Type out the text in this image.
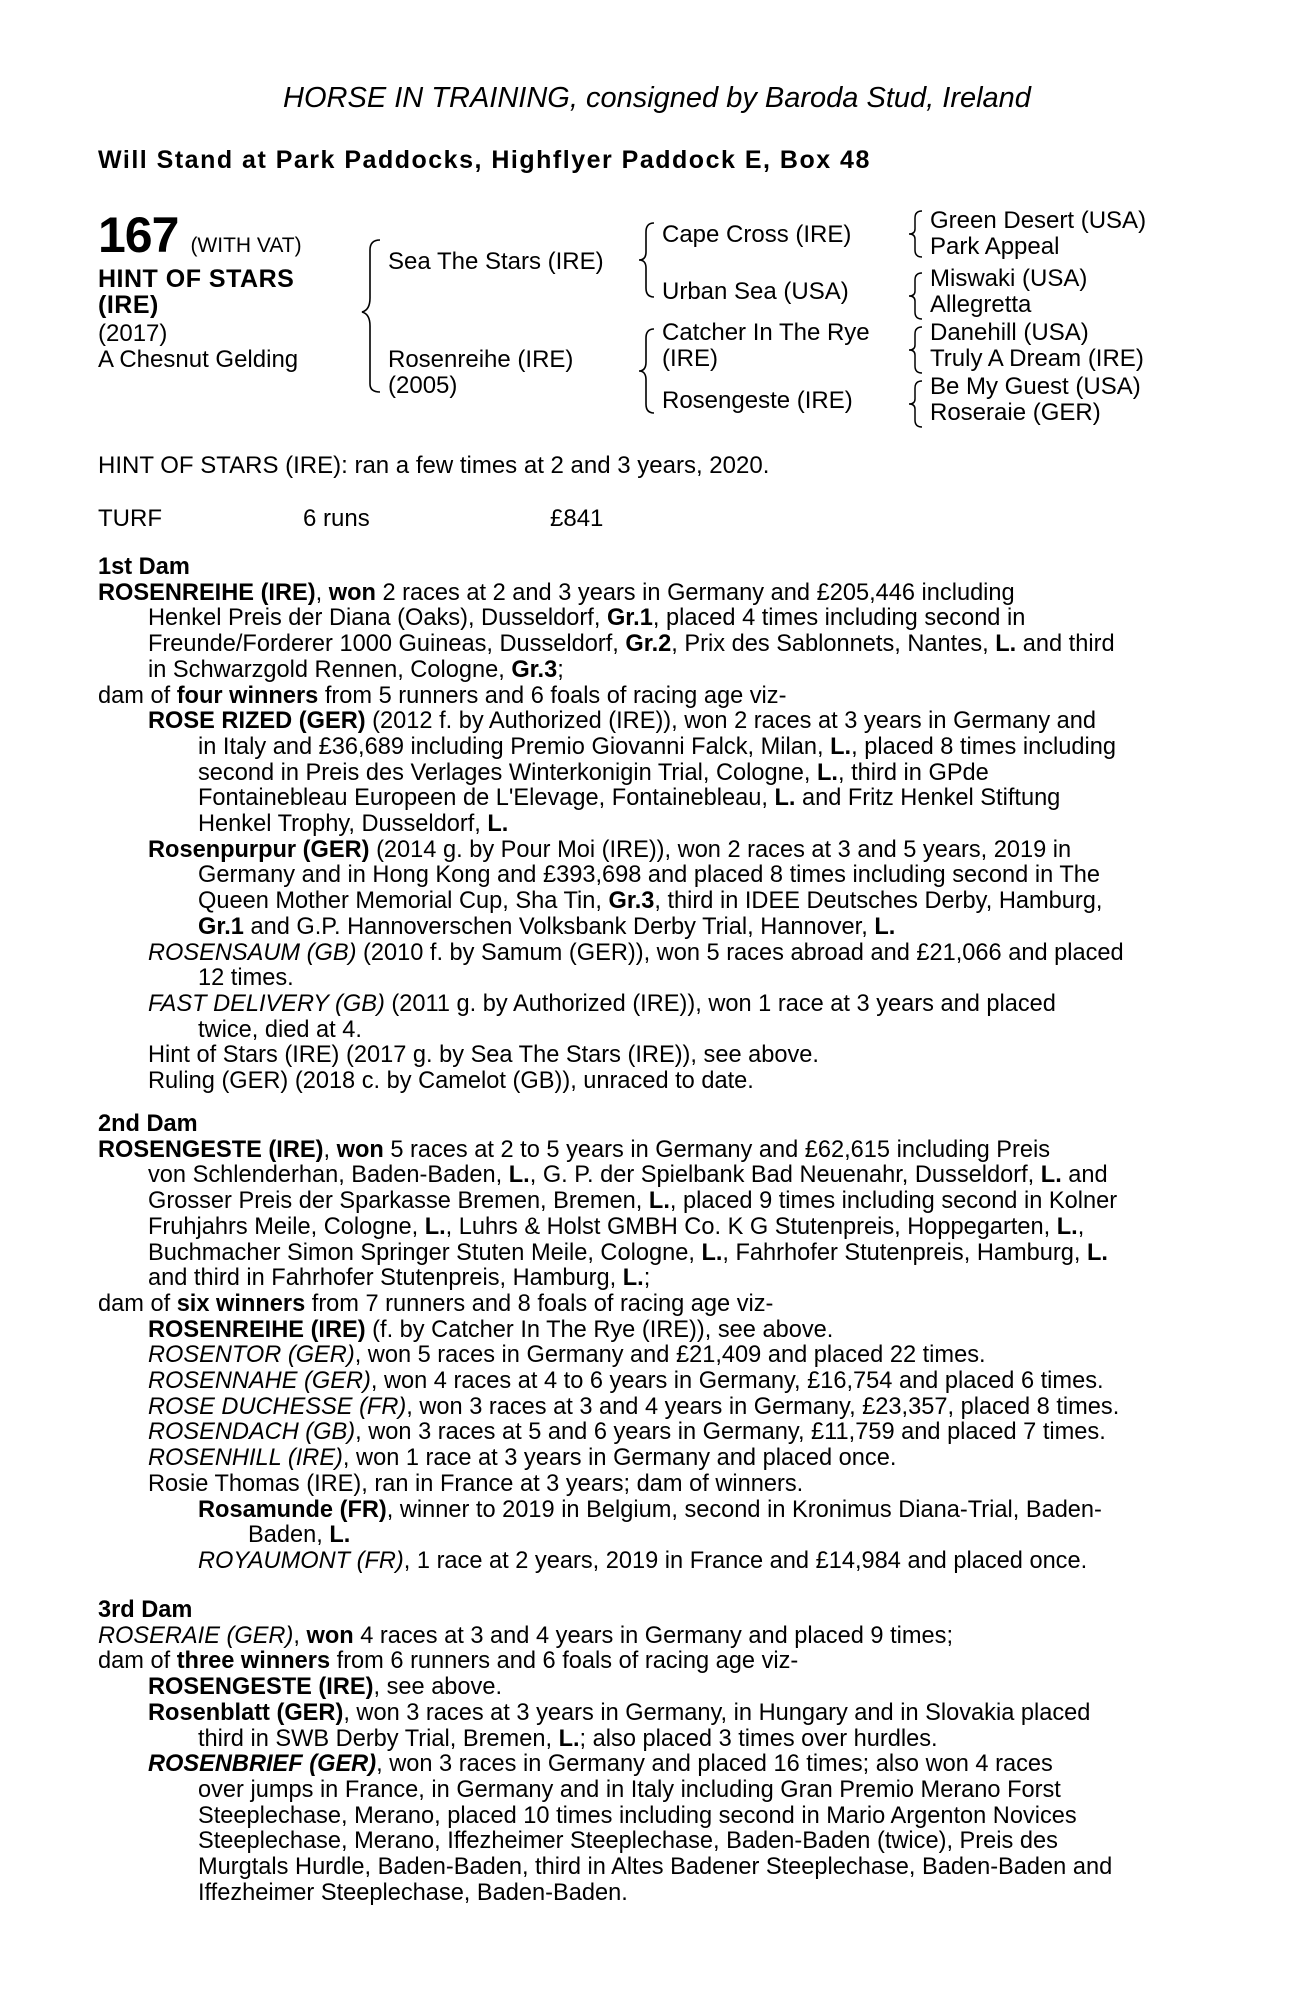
HORSE IN TRAINING, consigned by Baroda Stud, Ireland
Will Stand at Park Paddocks, Highflyer Paddock E, Box 48
167 (WITH VAT)
HINT OF STARS
(IRE)
(2017)
A Chesnut Gelding
Sea The Stars (IRE)
Rosenreihe (IRE)
(2005)
Cape Cross (IRE)
Urban Sea (USA)
Catcher In The Rye
(IRE)
Rosengeste (IRE)
Green Desert (USA)
Park Appeal
Miswaki (USA)
Allegretta
Danehill (USA)
Truly A Dream (IRE)
Be My Guest (USA)
Roseraie (GER)
HINT OF STARS (IRE): ran a few times at 2 and 3 years, 2020.
TURF	6 runs	£841
1st Dam
ROSENREIHE (IRE), won 2 races at 2 and 3 years in Germany and £205,446 including
Henkel Preis der Diana (Oaks), Dusseldorf, Gr.1, placed 4 times including second in
Freunde/Forderer 1000 Guineas, Dusseldorf, Gr.2, Prix des Sablonnets, Nantes, L. and third
in Schwarzgold Rennen, Cologne, Gr.3;
dam of four winners from 5 runners and 6 foals of racing age viz-
ROSE RIZED (GER) (2012 f. by Authorized (IRE)), won 2 races at 3 years in Germany and
in Italy and £36,689 including Premio Giovanni Falck, Milan, L., placed 8 times including
second in Preis des Verlages Winterkonigin Trial, Cologne, L., third in GPde
Fontainebleau Europeen de L'Elevage, Fontainebleau, L. and Fritz Henkel Stiftung
Henkel Trophy, Dusseldorf, L.
Rosenpurpur (GER) (2014 g. by Pour Moi (IRE)), won 2 races at 3 and 5 years, 2019 in
Germany and in Hong Kong and £393,698 and placed 8 times including second in The
Queen Mother Memorial Cup, Sha Tin, Gr.3, third in IDEE Deutsches Derby, Hamburg,
Gr.1 and G.P. Hannoverschen Volksbank Derby Trial, Hannover, L.
ROSENSAUM (GB) (2010 f. by Samum (GER)), won 5 races abroad and £21,066 and placed
12 times.
FAST DELIVERY (GB) (2011 g. by Authorized (IRE)), won 1 race at 3 years and placed
twice, died at 4.
Hint of Stars (IRE) (2017 g. by Sea The Stars (IRE)), see above.
Ruling (GER) (2018 c. by Camelot (GB)), unraced to date.
2nd Dam
ROSENGESTE (IRE), won 5 races at 2 to 5 years in Germany and £62,615 including Preis
von Schlenderhan, Baden-Baden, L., G. P. der Spielbank Bad Neuenahr, Dusseldorf, L. and
Grosser Preis der Sparkasse Bremen, Bremen, L., placed 9 times including second in Kolner
Fruhjahrs Meile, Cologne, L., Luhrs & Holst GMBH Co. K G Stutenpreis, Hoppegarten, L.,
Buchmacher Simon Springer Stuten Meile, Cologne, L., Fahrhofer Stutenpreis, Hamburg, L.
and third in Fahrhofer Stutenpreis, Hamburg, L.;
dam of six winners from 7 runners and 8 foals of racing age viz-
ROSENREIHE (IRE) (f. by Catcher In The Rye (IRE)), see above.
ROSENTOR (GER), won 5 races in Germany and £21,409 and placed 22 times.
ROSENNAHE (GER), won 4 races at 4 to 6 years in Germany, £16,754 and placed 6 times.
ROSE DUCHESSE (FR), won 3 races at 3 and 4 years in Germany, £23,357, placed 8 times.
ROSENDACH (GB), won 3 races at 5 and 6 years in Germany, £11,759 and placed 7 times.
ROSENHILL (IRE), won 1 race at 3 years in Germany and placed once.
Rosie Thomas (IRE), ran in France at 3 years; dam of winners.
Rosamunde (FR), winner to 2019 in Belgium, second in Kronimus Diana-Trial, Baden-
Baden, L.
ROYAUMONT (FR), 1 race at 2 years, 2019 in France and £14,984 and placed once.
3rd Dam
ROSERAIE (GER), won 4 races at 3 and 4 years in Germany and placed 9 times;
dam of three winners from 6 runners and 6 foals of racing age viz-
ROSENGESTE (IRE), see above.
Rosenblatt (GER), won 3 races at 3 years in Germany, in Hungary and in Slovakia placed
third in SWB Derby Trial, Bremen, L.; also placed 3 times over hurdles.
ROSENBRIEF (GER), won 3 races in Germany and placed 16 times; also won 4 races
over jumps in France, in Germany and in Italy including Gran Premio Merano Forst
Steeplechase, Merano, placed 10 times including second in Mario Argenton Novices
Steeplechase, Merano, Iffezheimer Steeplechase, Baden-Baden (twice), Preis des
Murgtals Hurdle, Baden-Baden, third in Altes Badener Steeplechase, Baden-Baden and
Iffezheimer Steeplechase, Baden-Baden.
